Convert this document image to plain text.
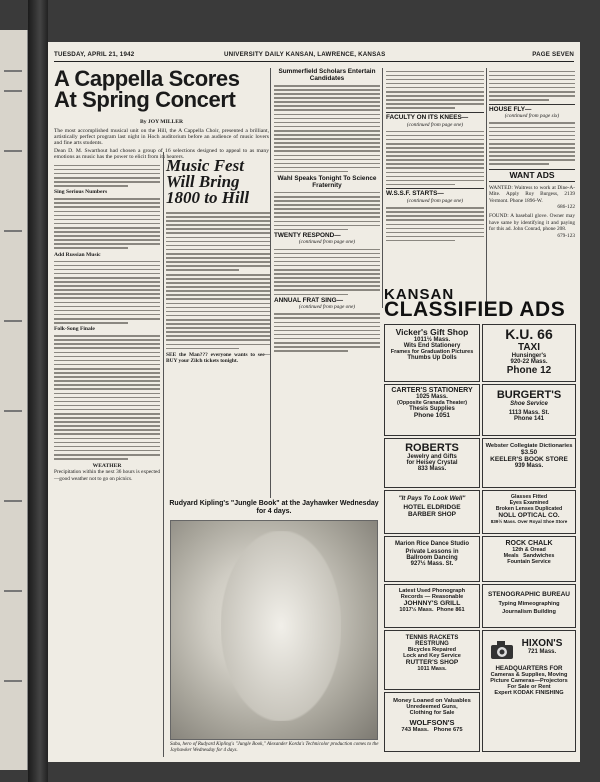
TUESDAY, APRIL 21, 1942	UNIVERSITY DAILY KANSAN, LAWRENCE, KANSAS	PAGE SEVEN
A Cappella Scores
At Spring Concert
By JOY MILLER
The most accomplished musical unit on the Hill, the A Cappella Choir, presented a brilliant, artistically perfect program last night in Hoch auditorium before an audience of music lovers and fine arts students.
Dean D. M. Swarthout had chosen a group of 16 selections designed to appeal to as many emotions as music has the power to elicit from its hearers.
Sing Serious Numbers
Add Russian Music
Folk-Song Finale
WEATHER
Precipitation within the next 36 hours is expected—good weather not to go on picnics.
Music Fest
Will Bring
1800 to Hill
SEE the Man??? everyone wants to see—BUY your Zilch tickets tonight.
Summerfield Scholars Entertain Candidates
Wahl Speaks Tonight To Science Fraternity
TWENTY RESPOND—
(continued from page one)
ANNUAL FRAT SING—
(continued from page one)
FACULTY ON ITS KNEES—
(continued from page one)
W.S.S.F. STARTS—
(continued from page one)
HOUSE FLY—
(continued from page six)
WANT ADS
WANTED: Waitress to work at Dine-A-Mite. Apply Roy Burgess, 2139 Vermont. Phone 1896-W.
686-122
FOUND: A baseball glove. Owner may have same by identifying it and paying for this ad. John Conrad, phone 208.
679-123
Rudyard Kipling's "Jungle Book" at the Jayhawker Wednesday for 4 days.
Sabu, hero of Rudyard Kipling's "Jungle Book," Alexander Korda's Technicolor production comes to the Jayhawker Wednesday for 4 days.
KANSAN
CLASSIFIED ADS
Vicker's Gift Shop
1011½ Mass.
Wits End Stationery
Frames for Graduation Pictures
Thumbs Up Dolls
K.U. 66
TAXI
Hunsinger's
920-22 Mass.
Phone 12
CARTER'S STATIONERY
1025 Mass.
(Opposite Granada Theater)
Thesis Supplies
Phone 1051
BURGERT'S
Shoe Service
1113 Mass. St.
Phone 141
ROBERTS
Jewelry and Gifts
for Heisey Crystal
833 Mass.
Webster Collegiate Dictionaries
$3.50
KEELER'S BOOK STORE
939 Mass.
"It Pays To Look Well"
HOTEL ELDRIDGE
BARBER SHOP
Glasses Fitted
Eyes Examined
Broken Lenses Duplicated
NOLL OPTICAL CO.
839½ Mass. Over Royal Shoe Store
Marion Rice Dance Studio
Private Lessons in
Ballroom Dancing
927½ Mass. St.
ROCK CHALK
12th & Oread
Meals Sandwiches
Fountain Service
Latest Used Phonograph
Records — Reasonable
JOHNNY'S GRILL
1017½ Mass. Phone 861
STENOGRAPHIC BUREAU
Typing Mimeographing
Journalism Building
TENNIS RACKETS
RESTRUNG
Bicycles Repaired
Lock and Key Service
RUTTER'S SHOP
1011 Mass.
HIXON'S
721 Mass.
HEADQUARTERS FOR
Cameras & Supplies, Moving
Picture Cameras—Projectors
For Sale or Rent
Expert KODAK FINISHING
Money Loaned on Valuables
Unredeemed Guns,
Clothing for Sale
WOLFSON'S
743 Mass. Phone 675
